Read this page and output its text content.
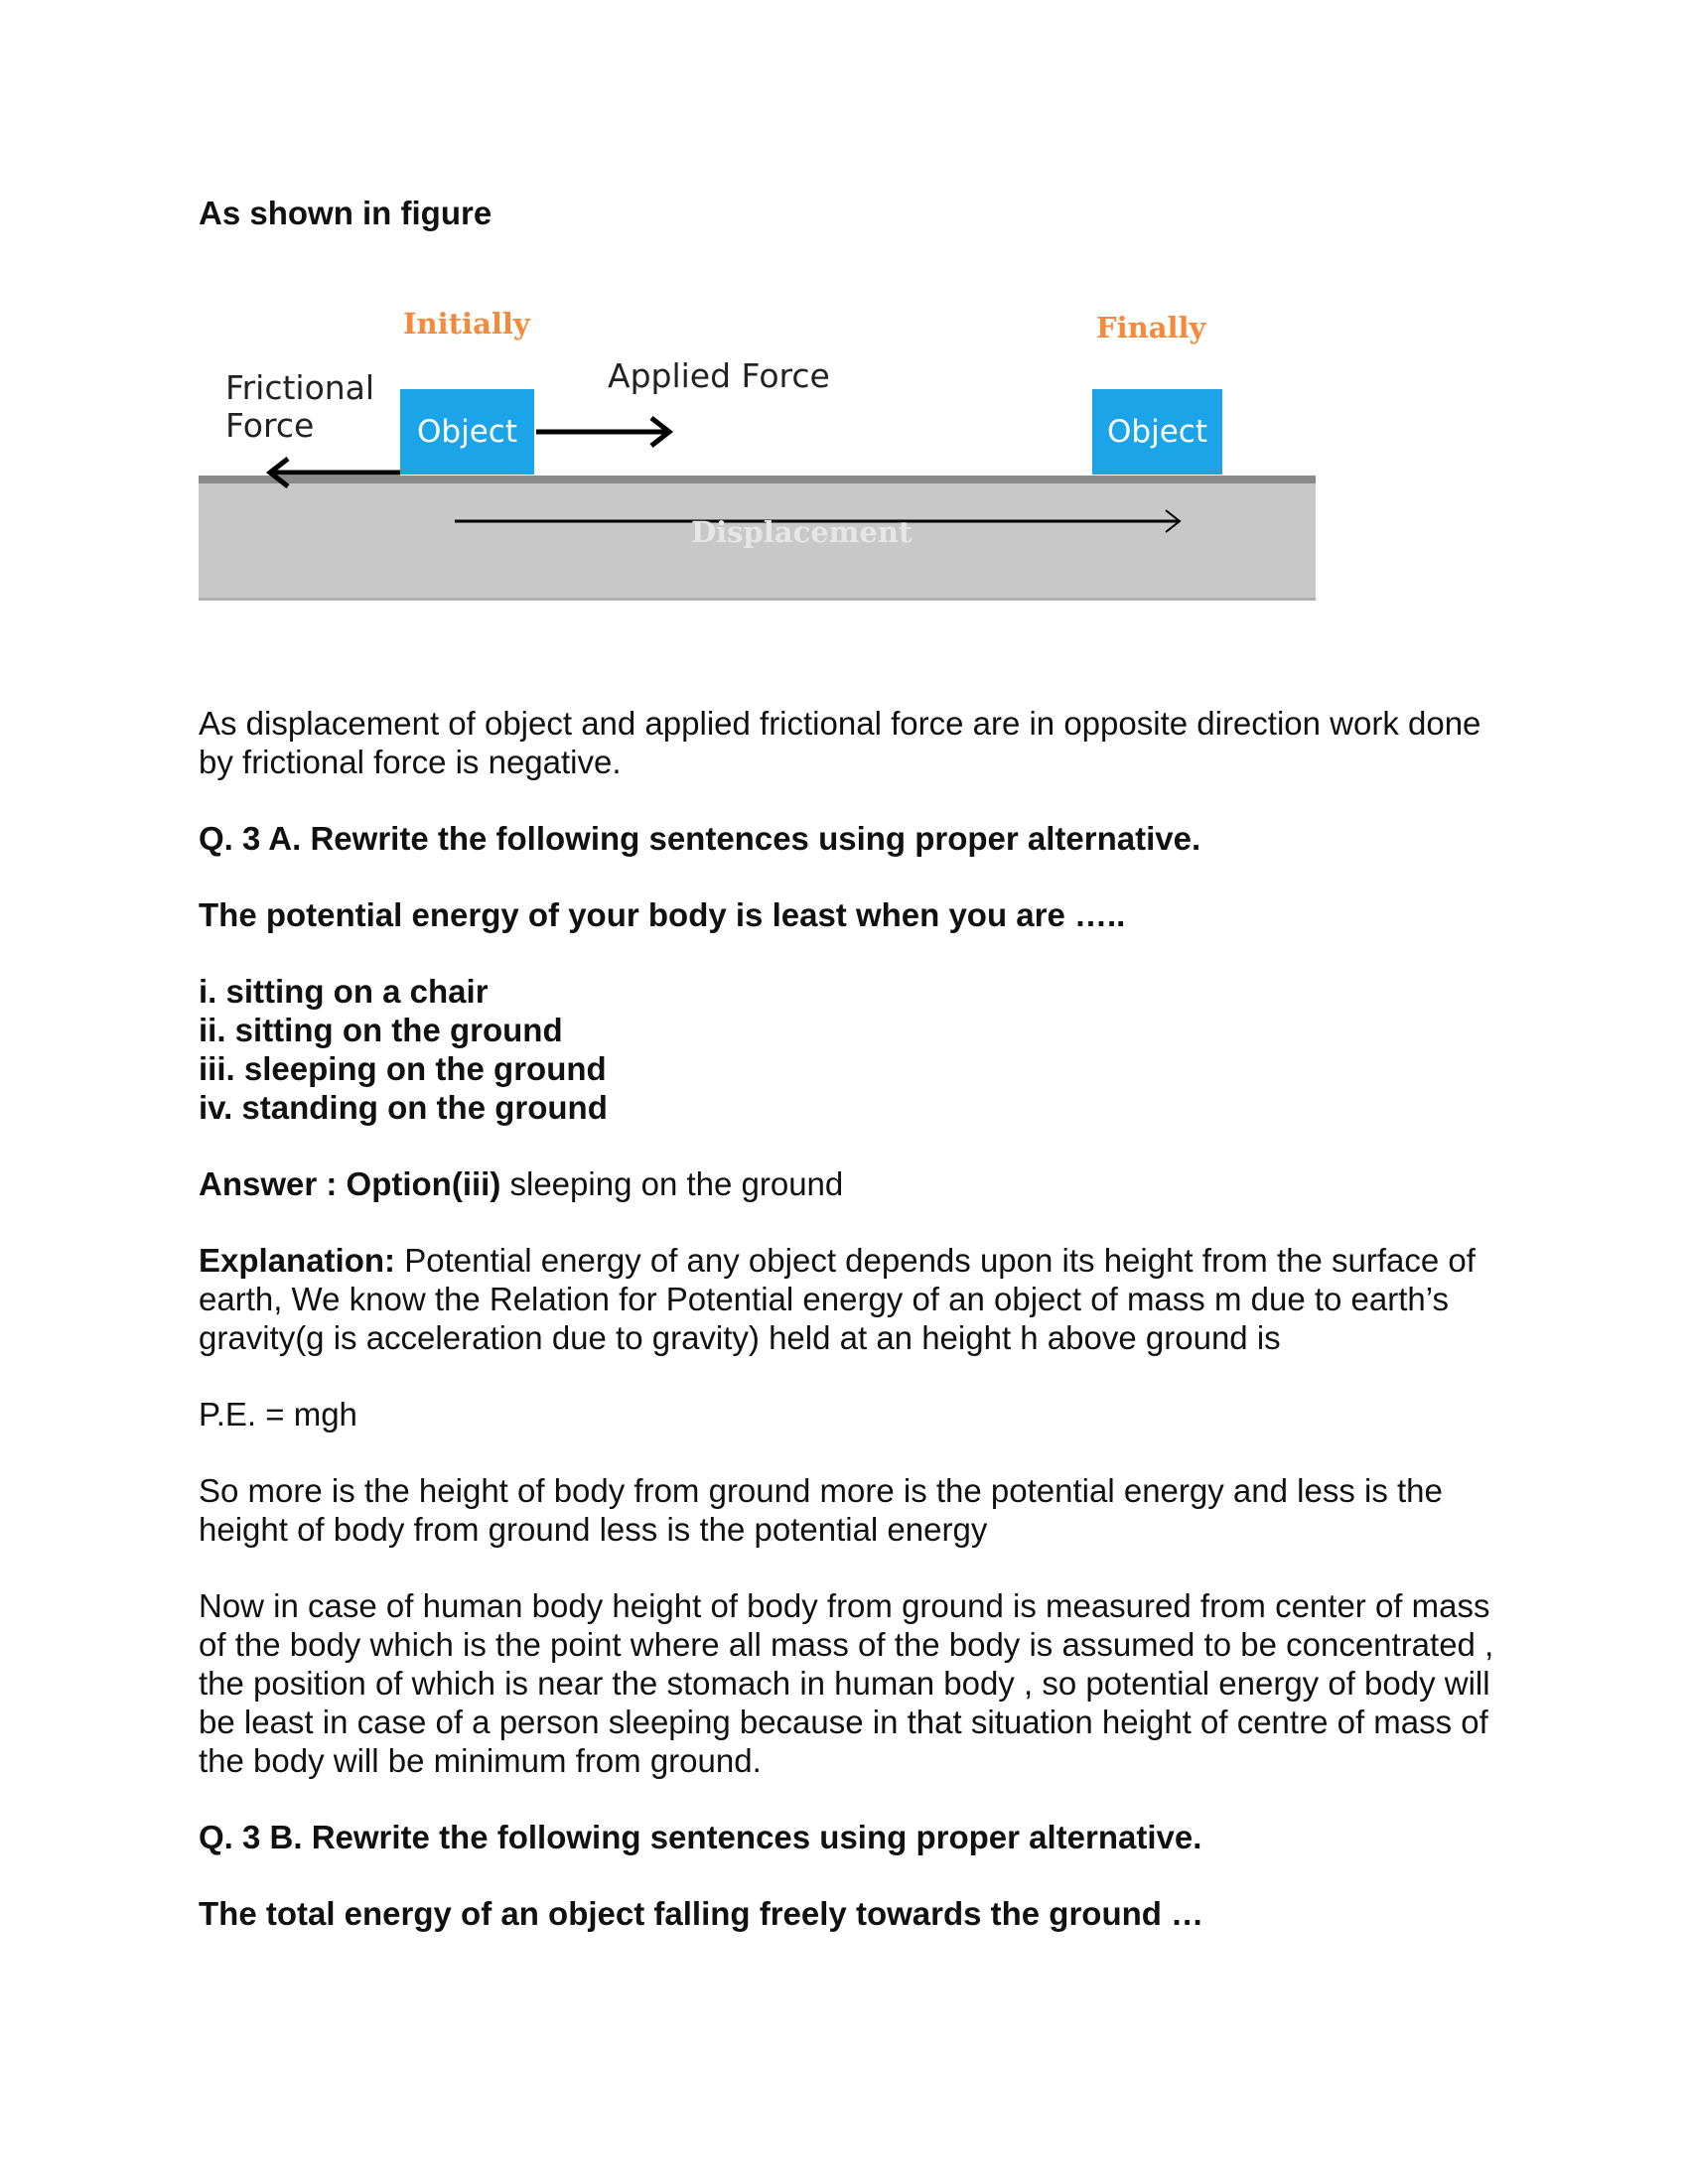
As shown in figure

Initially	Finally
Applied Force
Frictional Force	Object	Object
Displacement

As displacement of object and applied frictional force are in opposite direction work done by frictional force is negative.

Q. 3 A. Rewrite the following sentences using proper alternative.

The potential energy of your body is least when you are …..

i. sitting on a chair

ii. sitting on the ground

iii. sleeping on the ground

iv. standing on the ground

Answer : Option(iii) sleeping on the ground

Explanation: Potential energy of any object depends upon its height from the surface of earth, We know the Relation for Potential energy of an object of mass m due to earth’s gravity(g is acceleration due to gravity) held at an height h above ground is

P.E. = mgh

So more is the height of body from ground more is the potential energy and less is the height of body from ground less is the potential energy

Now in case of human body height of body from ground is measured from center of mass of the body which is the point where all mass of the body is assumed to be concentrated , the position of which is near the stomach in human body , so potential energy of body will be least in case of a person sleeping because in that situation height of centre of mass of the body will be minimum from ground.

Q. 3 B. Rewrite the following sentences using proper alternative.

The total energy of an object falling freely towards the ground …
